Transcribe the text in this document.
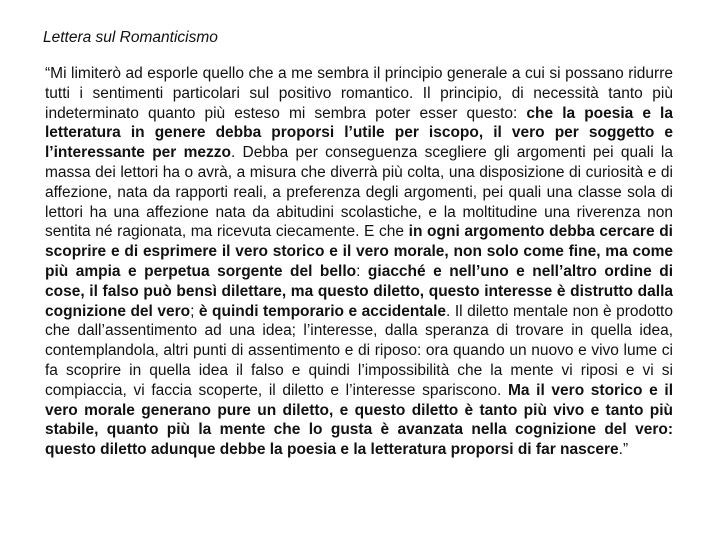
Lettera sul Romanticismo

“Mi limiterò ad esporle quello che a me sembra il principio generale a cui si possano ridurre tutti i sentimenti particolari sul positivo romantico. Il principio, di necessità tanto più indeterminato quanto più esteso mi sembra poter esser questo: che la poesia e la letteratura in genere debba proporsi l’utile per iscopo, il vero per soggetto e l’interessante per mezzo. Debba per conseguenza scegliere gli argomenti pei quali la massa dei lettori ha o avrà, a misura che diverrà più colta, una disposizione di curiosità e di affezione, nata da rapporti reali, a preferenza degli argomenti, pei quali una classe sola di lettori ha una affezione nata da abitudini scolastiche, e la moltitudine una riverenza non sentita né ragionata, ma ricevuta ciecamente. E che in ogni argomento debba cercare di scoprire e di esprimere il vero storico e il vero morale, non solo come fine, ma come più ampia e perpetua sorgente del bello: giacché e nell’uno e nell’altro ordine di cose, il falso può bensì dilettare, ma questo diletto, questo interesse è distrutto dalla cognizione del vero; è quindi temporario e accidentale. Il diletto mentale non è prodotto che dall’assentimento ad una idea; l’interesse, dalla speranza di trovare in quella idea, contemplandola, altri punti di assentimento e di riposo: ora quando un nuovo e vivo lume ci fa scoprire in quella idea il falso e quindi l’impossibilità che la mente vi riposi e vi si compiaccia, vi faccia scoperte, il diletto e l’interesse spariscono. Ma il vero storico e il vero morale generano pure un diletto, e questo diletto è tanto più vivo e tanto più stabile, quanto più la mente che lo gusta è avanzata nella cognizione del vero: questo diletto adunque debbe la poesia e la letteratura proporsi di far nascere.”
